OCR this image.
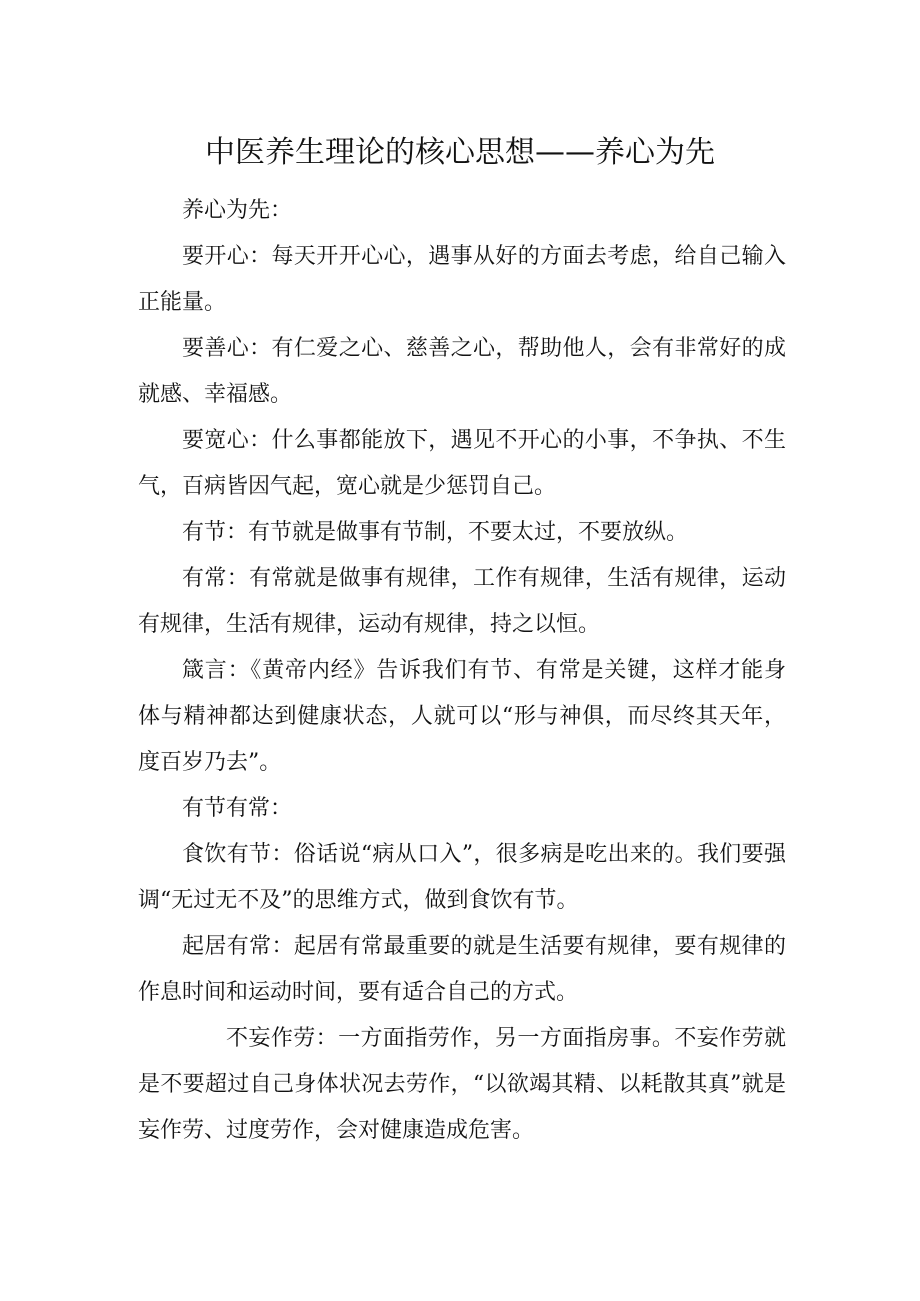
中医养生理论的核心思想——养心为先

养心为先：

要开心：每天开开心心，遇事从好的方面去考虑，给自己输入正能量。

要善心：有仁爱之心、慈善之心，帮助他人，会有非常好的成就感、幸福感。

要宽心：什么事都能放下，遇见不开心的小事，不争执、不生气，百病皆因气起，宽心就是少惩罚自己。

有节：有节就是做事有节制，不要太过，不要放纵。

有常：有常就是做事有规律，工作有规律，生活有规律，运动有规律，生活有规律，运动有规律，持之以恒。

箴言：《黄帝内经》告诉我们有节、有常是关键，这样才能身体与精神都达到健康状态，人就可以“形与神俱，而尽终其天年，度百岁乃去”。

有节有常：

食饮有节：俗话说“病从口入”，很多病是吃出来的。我们要强调“无过无不及”的思维方式，做到食饮有节。

起居有常：起居有常最重要的就是生活要有规律，要有规律的作息时间和运动时间，要有适合自己的方式。

不妄作劳：一方面指劳作，另一方面指房事。不妄作劳就是不要超过自己身体状况去劳作，“以欲竭其精、以耗散其真”就是妄作劳、过度劳作，会对健康造成危害。
